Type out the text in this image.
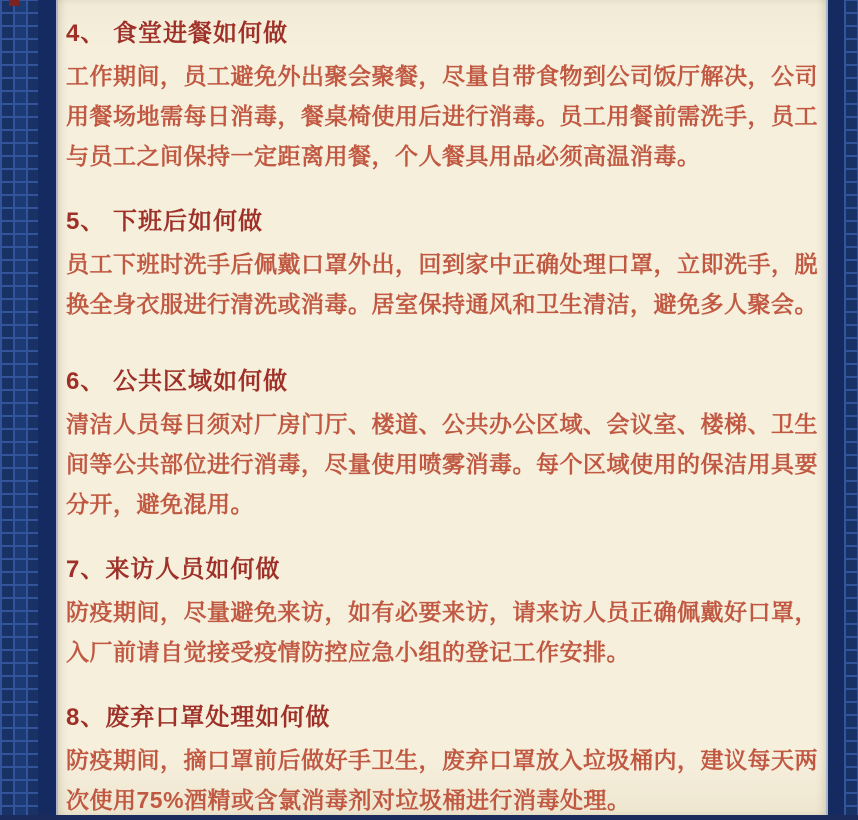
4、 食堂进餐如何做

工作期间，员工避免外出聚会聚餐，尽量自带食物到公司饭厅解决，公司用餐场地需每日消毒，餐桌椅使用后进行消毒。员工用餐前需洗手，员工与员工之间保持一定距离用餐，个人餐具用品必须高温消毒。

5、 下班后如何做

员工下班时洗手后佩戴口罩外出，回到家中正确处理口罩，立即洗手，脱换全身衣服进行清洗或消毒。居室保持通风和卫生清洁，避免多人聚会。

6、 公共区域如何做

清洁人员每日须对厂房门厅、楼道、公共办公区域、会议室、楼梯、卫生间等公共部位进行消毒，尽量使用喷雾消毒。每个区域使用的保洁用具要分开，避免混用。

7、来访人员如何做

防疫期间，尽量避免来访，如有必要来访，请来访人员正确佩戴好口罩，入厂前请自觉接受疫情防控应急小组的登记工作安排。

8、废弃口罩处理如何做

防疫期间，摘口罩前后做好手卫生，废弃口罩放入垃圾桶内，建议每天两次使用75%酒精或含氯消毒剂对垃圾桶进行消毒处理。
